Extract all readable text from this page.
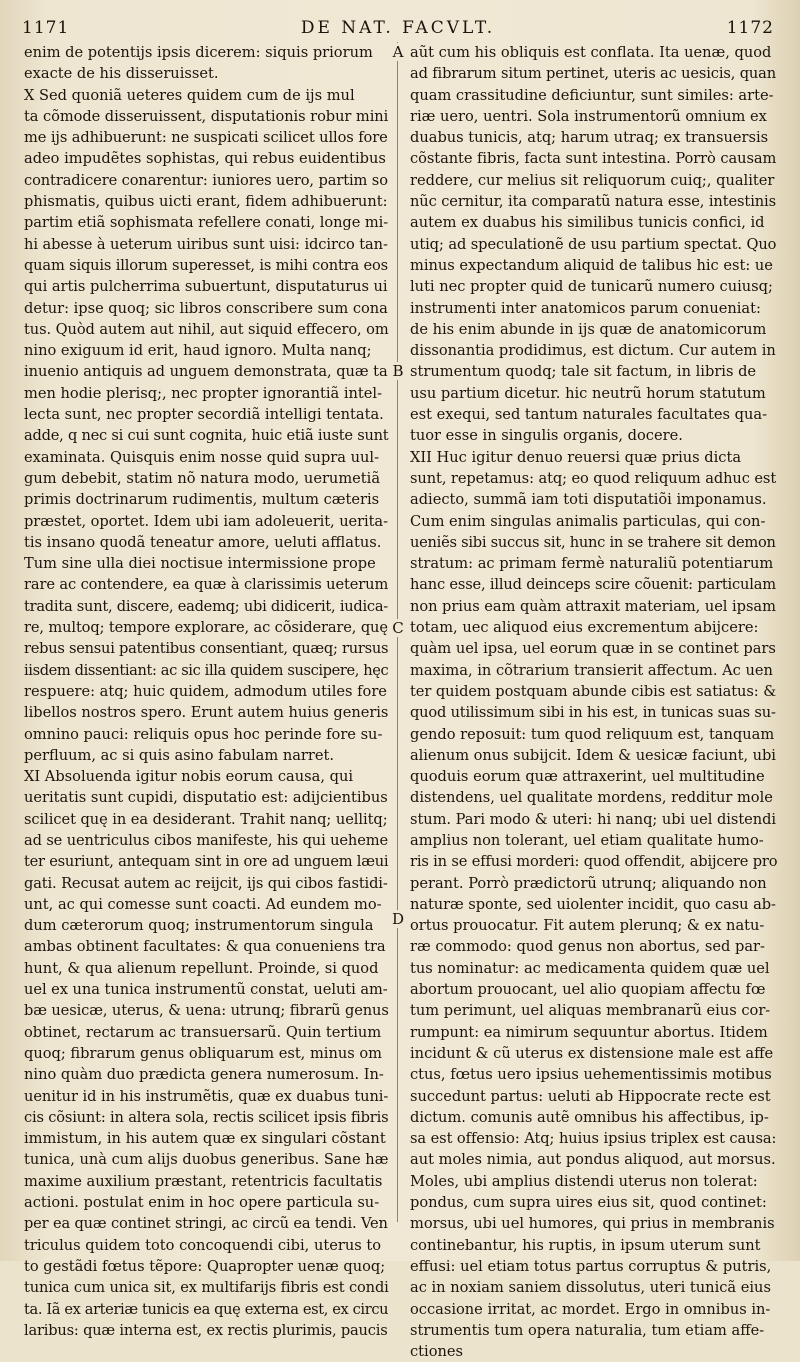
1171	DE NAT. FACVLT.	1172
enim de potentijs ipsis dicerem: siquis priorum
exacte de his disseruisset.
X Sed quoniã ueteres quidem cum de ijs mul
ta cõmode disseruissent, disputationis robur mini
me ijs adhibuerunt: ne suspicati scilicet ullos fore
adeo impudẽtes sophistas, qui rebus euidentibus
contradicere conarentur: iuniores uero, partim so
phismatis, quibus uicti erant, fidem adhibuerunt:
partim etiã sophismata refellere conati, longe mi-
hi abesse à ueterum uiribus sunt uisi: idcirco tan-
quam siquis illorum superesset, is mihi contra eos
qui artis pulcherrima subuertunt, disputaturus ui
detur: ipse quoq; sic libros conscribere sum cona
tus. Quòd autem aut nihil, aut siquid effecero, om
nino exiguum id erit, haud ignoro. Multa nanq;
inuenio antiquis ad unguem demonstrata, quæ ta
men hodie plerisq;, nec propter ignorantiã intel-
lecta sunt, nec propter secordiã intelligi tentata.
adde, q nec si cui sunt cognita, huic etiã iuste sunt
examinata. Quisquis enim nosse quid supra uul-
gum debebit, statim nõ natura modo, uerumetiã
primis doctrinarum rudimentis, multum cæteris
præstet, oportet. Idem ubi iam adoleuerit, uerita-
tis insano quodã teneatur amore, ueluti afflatus.
Tum sine ulla diei noctisue intermissione prope
rare ac contendere, ea quæ à clarissimis ueterum
tradita sunt, discere, eademq; ubi didicerit, iudica-
re, multoq; tempore explorare, ac cõsiderare, quę
rebus sensui patentibus consentiant, quæq; rursus
iisdem dissentiant: ac sic illa quidem suscipere, hęc
respuere: atq; huic quidem, admodum utiles fore
libellos nostros spero. Erunt autem huius generis
omnino pauci: reliquis opus hoc perinde fore su-
perfluum, ac si quis asino fabulam narret.
XI Absoluenda igitur nobis eorum causa, qui
ueritatis sunt cupidi, disputatio est: adijcientibus
scilicet quę in ea desiderant. Trahit nanq; uellitq;
ad se uentriculus cibos manifeste, his qui ueheme
ter esuriunt, antequam sint in ore ad unguem læui
gati. Recusat autem ac reijcit, ijs qui cibos fastidi-
unt, ac qui comesse sunt coacti. Ad eundem mo-
dum cæterorum quoq; instrumentorum singula
ambas obtinent facultates: & qua conueniens tra
hunt, & qua alienum repellunt. Proinde, si quod
uel ex una tunica instrumentũ constat, ueluti am-
bæ uesicæ, uterus, & uena: utrunq; fibrarũ genus
obtinet, rectarum ac transuersarũ. Quin tertium
quoq; fibrarum genus obliquarum est, minus om
nino quàm duo prædicta genera numerosum. In-
uenitur id in his instrumẽtis, quæ ex duabus tuni-
cis cõsiunt: in altera sola, rectis scilicet ipsis fibris
immistum, in his autem quæ ex singulari cõstant
tunica, unà cum alijs duobus generibus. Sane hæ
maxime auxilium præstant, retentricis facultatis
actioni. postulat enim in hoc opere particula su-
per ea quæ continet stringi, ac circũ ea tendi. Ven
triculus quidem toto concoquendi cibi, uterus to
to gestãdi fœtus tẽpore: Quapropter uenæ quoq;
tunica cum unica sit, ex multifarijs fibris est condi
ta. Iã ex arteriæ tunicis ea quę externa est, ex circu
laribus: quæ interna est, ex rectis plurimis, paucis
aũt cum his obliquis est conflata. Ita uenæ, quod
ad fibrarum situm pertinet, uteris ac uesicis, quan
quam crassitudine deficiuntur, sunt similes: arte-
riæ uero, uentri. Sola instrumentorũ omnium ex
duabus tunicis, atq; harum utraq; ex transuersis
cõstante fibris, facta sunt intestina. Porrò causam
reddere, cur melius sit reliquorum cuiq;, qualiter
nũc cernitur, ita comparatũ natura esse, intestinis
autem ex duabus his similibus tunicis confici, id
utiq; ad speculationẽ de usu partium spectat. Quo
minus expectandum aliquid de talibus hic est: ue
luti nec propter quid de tunicarũ numero cuiusq;
instrumenti inter anatomicos parum conueniat:
de his enim abunde in ijs quæ de anatomicorum
dissonantia prodidimus, est dictum. Cur autem in
strumentum quodq; tale sit factum, in libris de
usu partium dicetur. hic neutrũ horum statutum
est exequi, sed tantum naturales facultates qua-
tuor esse in singulis organis, docere.
XII Huc igitur denuo reuersi quæ prius dicta
sunt, repetamus: atq; eo quod reliquum adhuc est
adiecto, summã iam toti disputatiõi imponamus.
Cum enim singulas animalis particulas, qui con-
ueniẽs sibi succus sit, hunc in se trahere sit demon
stratum: ac primam fermè naturaliũ potentiarum
hanc esse, illud deinceps scire cõuenit: particulam
non prius eam quàm attraxit materiam, uel ipsam
totam, uec aliquod eius excrementum abijcere:
quàm uel ipsa, uel eorum quæ in se continet pars
maxima, in cõtrarium transierit affectum. Ac uen
ter quidem postquam abunde cibis est satiatus: &
quod utilissimum sibi in his est, in tunicas suas su-
gendo reposuit: tum quod reliquum est, tanquam
alienum onus subijcit. Idem & uesicæ faciunt, ubi
quoduis eorum quæ attraxerint, uel multitudine
distendens, uel qualitate mordens, redditur mole
stum. Pari modo & uteri: hi nanq; ubi uel distendi
amplius non tolerant, uel etiam qualitate humo-
ris in se effusi morderi: quod offendit, abijcere pro
perant. Porrò prædictorũ utrunq; aliquando non
naturæ sponte, sed uiolenter incidit, quo casu ab-
ortus prouocatur. Fit autem plerunq; & ex natu-
ræ commodo: quod genus non abortus, sed par-
tus nominatur: ac medicamenta quidem quæ uel
abortum prouocant, uel alio quopiam affectu fœ
tum perimunt, uel aliquas membranarũ eius cor-
rumpunt: ea nimirum sequuntur abortus. Itidem
incidunt & cũ uterus ex distensione male est affe
ctus, fœtus uero ipsius uehementissimis motibus
succedunt partus: ueluti ab Hippocrate recte est
dictum. comunis autẽ omnibus his affectibus, ip-
sa est offensio: Atq; huius ipsius triplex est causa:
aut moles nimia, aut pondus aliquod, aut morsus.
Moles, ubi amplius distendi uterus non tolerat:
pondus, cum supra uires eius sit, quod continet:
morsus, ubi uel humores, qui prius in membranis
continebantur, his ruptis, in ipsum uterum sunt
effusi: uel etiam totus partus corruptus & putris,
ac in noxiam saniem dissolutus, uteri tunicã eius
occasione irritat, ac mordet. Ergo in omnibus in-
strumentis tum opera naturalia, tum etiam affe-
ctiones
A
B
C
D
